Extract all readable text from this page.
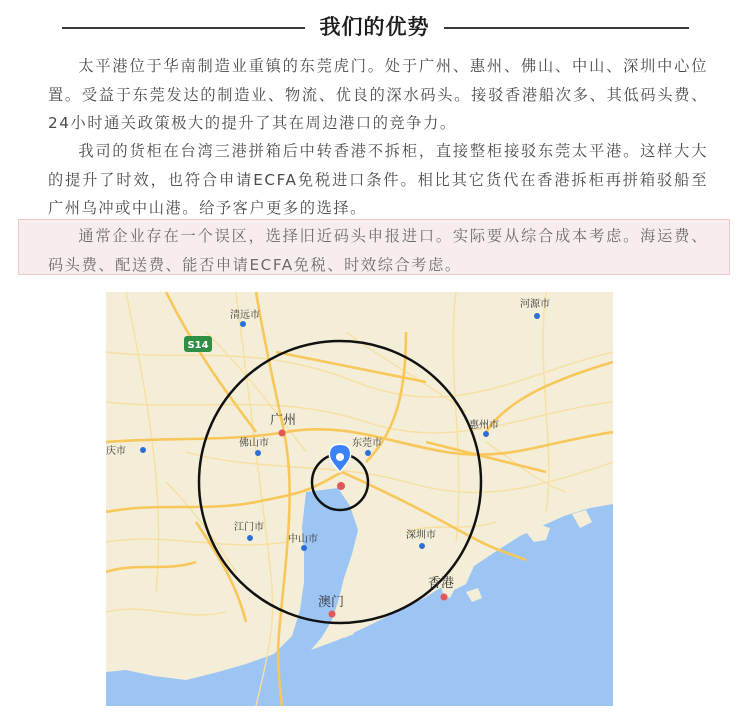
我们的优势

太平港位于华南制造业重镇的东莞虎门。处于广州、惠州、佛山、中山、深圳中心位置。受益于东莞发达的制造业、物流、优良的深水码头。接驳香港船次多、其低码头费、24小时通关政策极大的提升了其在周边港口的竞争力。

我司的货柜在台湾三港拼箱后中转香港不拆柜，直接整柜接驳东莞太平港。这样大大的提升了时效，也符合申请ECFA免税进口条件。相比其它货代在香港拆柜再拼箱驳船至广州乌冲或中山港。给予客户更多的选择。

通常企业存在一个误区，选择旧近码头申报进口。实际要从综合成本考虑。海运费、码头费、配送费、能否申请ECFA免税、时效综合考虑。

S14
清远市
河源市
广州
佛山市	东莞市
惠州市
庆市
江门市
中山市	深圳市
香港
澳门
